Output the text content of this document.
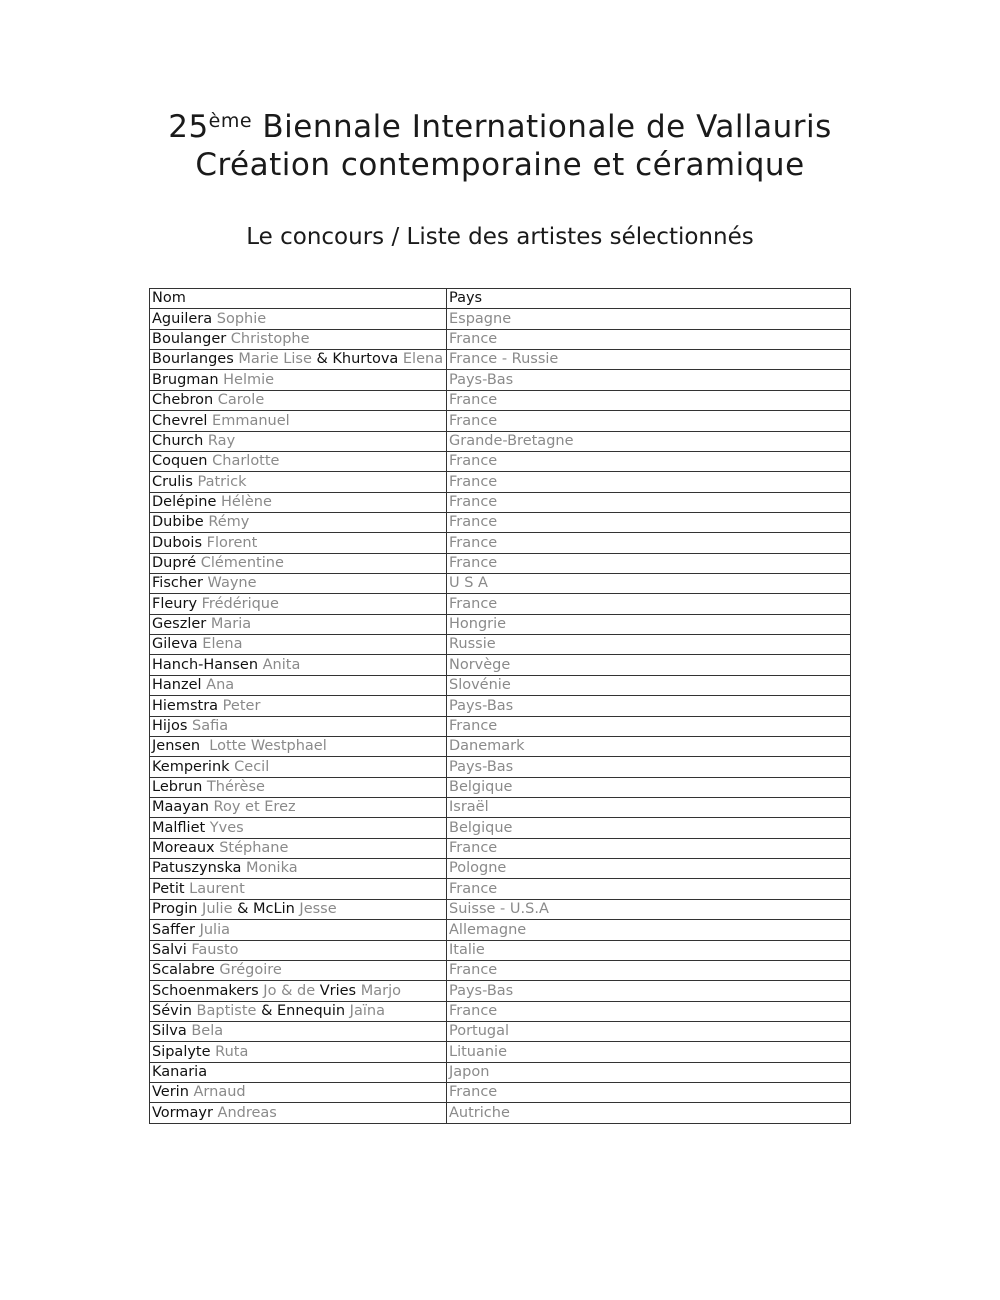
25ème Biennale Internationale de Vallauris
Création contemporaine et céramique
Le concours / Liste des artistes sélectionnés
Nom	Pays
Aguilera Sophie	Espagne
Boulanger Christophe	France
Bourlanges Marie Lise & Khurtova Elena	France - Russie
Brugman Helmie	Pays-Bas
Chebron Carole	France
Chevrel Emmanuel	France
Church Ray	Grande-Bretagne
Coquen Charlotte	France
Crulis Patrick	France
Delépine Hélène	France
Dubibe Rémy	France
Dubois Florent	France
Dupré Clémentine	France
Fischer Wayne	U S A
Fleury Frédérique	France
Geszler Maria	Hongrie
Gileva Elena	Russie
Hanch-Hansen Anita	Norvège
Hanzel Ana	Slovénie
Hiemstra Peter	Pays-Bas
Hijos Safia	France
Jensen  Lotte Westphael	Danemark
Kemperink Cecil	Pays-Bas
Lebrun Thérèse	Belgique
Maayan Roy et Erez	Israël
Malfliet Yves	Belgique
Moreaux Stéphane	France
Patuszynska Monika	Pologne
Petit Laurent	France
Progin Julie & McLin Jesse	Suisse - U.S.A
Saffer Julia	Allemagne
Salvi Fausto	Italie
Scalabre Grégoire	France
Schoenmakers Jo & de Vries Marjo	Pays-Bas
Sévin Baptiste & Ennequin Jaïna	France
Silva Bela	Portugal
Sipalyte Ruta	Lituanie
Kanaria	Japon
Verin Arnaud	France
Vormayr Andreas	Autriche
